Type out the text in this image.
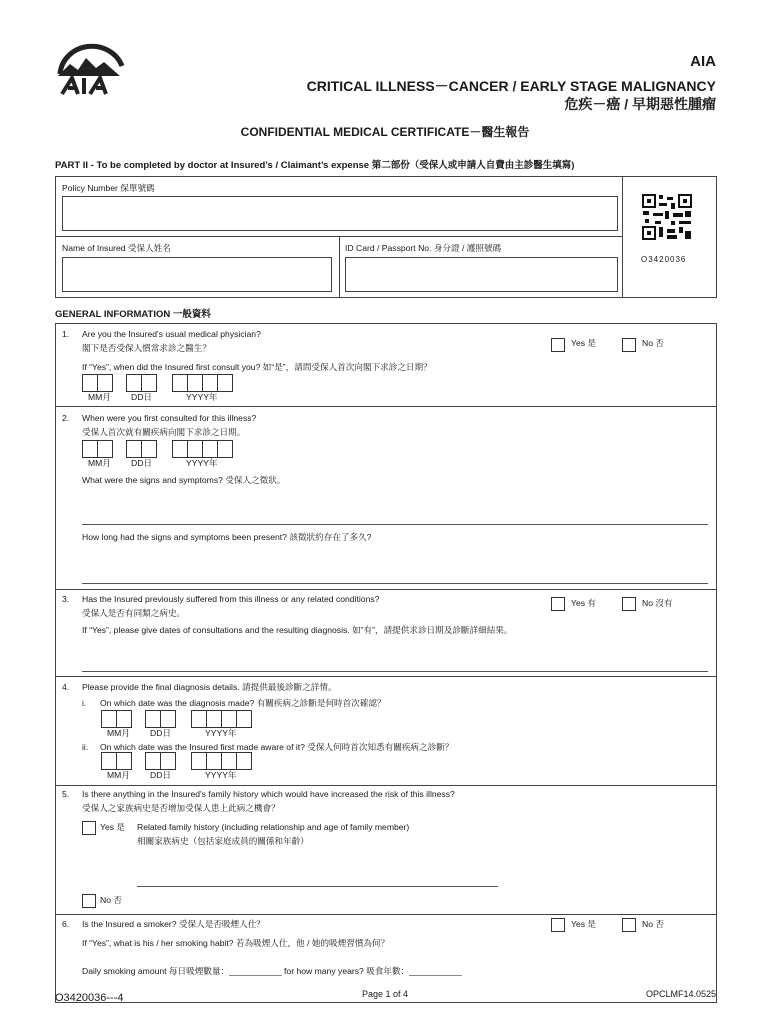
AIA
CRITICAL ILLNESS－CANCER / EARLY STAGE MALIGNANCY
危疾－癌 / 早期惡性腫瘤
CONFIDENTIAL MEDICAL CERTIFICATE－醫生報告
PART II - To be completed by doctor at Insured’s / Claimant’s expense 第二部份（受保人或申請人自費由主診醫生填寫)
Policy Number 保單號碼
Name of Insured 受保人姓名	ID Card / Passport No. 身分證 / 護照號碼
O3420036
GENERAL INFORMATION 一般資料
1. Are you the Insured's usual medical physician?
閣下是否受保人慣常求診之醫生？	Yes 是	No 否
If “Yes”, when did the Insured first consult you? 如“是”，請問受保人首次向閣下求診之日期？
MM月 DD日	YYYY年
2. When were you first consulted for this illness?
受保人首次就有關疾病向閣下求診之日期。
MM月 DD日	YYYY年
What were the signs and symptoms? 受保人之徵狀。
How long had the signs and symptoms been present? 該徵狀約存在了多久?
3. Has the Insured previously suffered from this illness or any related conditions?
受保人是否有同類之病史。
Yes 有	No 沒有
If “Yes”, please give dates of consultations and the resulting diagnosis. 如”有”，請提供求診日期及診斷詳細結果。
4. Please provide the final diagnosis details. 請提供最後診斷之詳情。
i. On which date was the diagnosis made? 有關疾病之診斷是何時首次確認？
MM月 DD日	YYYY年
ii. On which date was the Insured first made aware of it? 受保人何時首次知悉有關疾病之診斷？
MM月 DD日	YYYY年
5. Is there anything in the Insured's family history which would have increased the risk of this illness?
受保人之家族病史是否增加受保人患上此病之機會？
Yes 是 Related family history (including relationship and age of family member)
相關家族病史（包括家庭成員的關係和年齡）
No 否
6. Is the Insured a smoker? 受保人是否吸煙人仕？	Yes 是	No 否
If “Yes”, what is his / her smoking habit? 若為吸煙人仕，他 / 她的吸煙習慣為何？
Daily smoking amount 每日吸煙數量：___________ for how many years? 吸食年數：___________
O3420036---4	Page 1 of 4	OPCLMF14.0525
